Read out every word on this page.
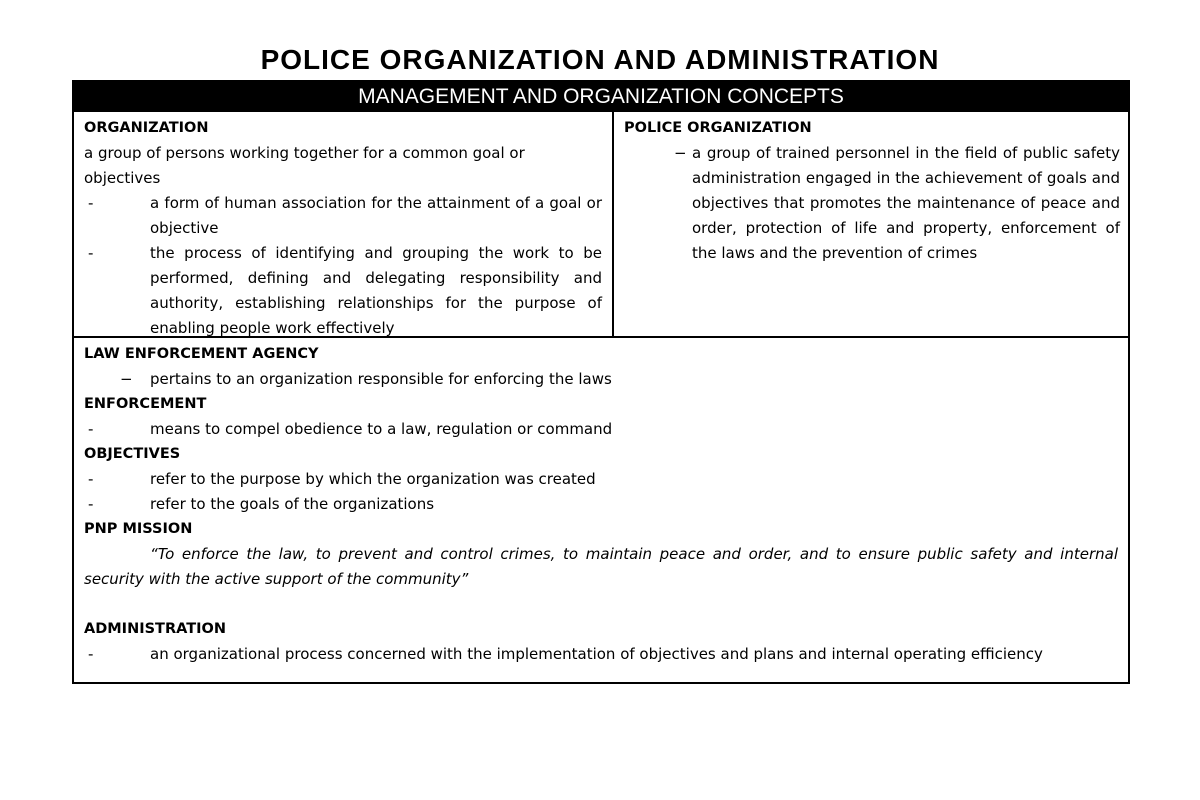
POLICE ORGANIZATION AND ADMINISTRATION
MANAGEMENT AND ORGANIZATION CONCEPTS
ORGANIZATION
a group of persons working together for a common goal or objectives
-	a form of human association for the attainment of a goal or objective
-	the process of identifying and grouping the work to be performed, defining and delegating responsibility and authority, establishing relationships for the purpose of enabling people work effectively
POLICE ORGANIZATION
− a group of trained personnel in the field of public safety administration engaged in the achievement of goals and objectives that promotes the maintenance of peace and order, protection of life and property, enforcement of the laws and the prevention of crimes
LAW ENFORCEMENT AGENCY
− pertains to an organization responsible for enforcing the laws
ENFORCEMENT
-	means to compel obedience to a law, regulation or command
OBJECTIVES
-	refer to the purpose by which the organization was created
-	refer to the goals of the organizations
PNP MISSION
“To enforce the law, to prevent and control crimes, to maintain peace and order, and to ensure public safety and internal security with the active support of the community”
ADMINISTRATION
-	an organizational process concerned with the implementation of objectives and plans and internal operating efficiency
